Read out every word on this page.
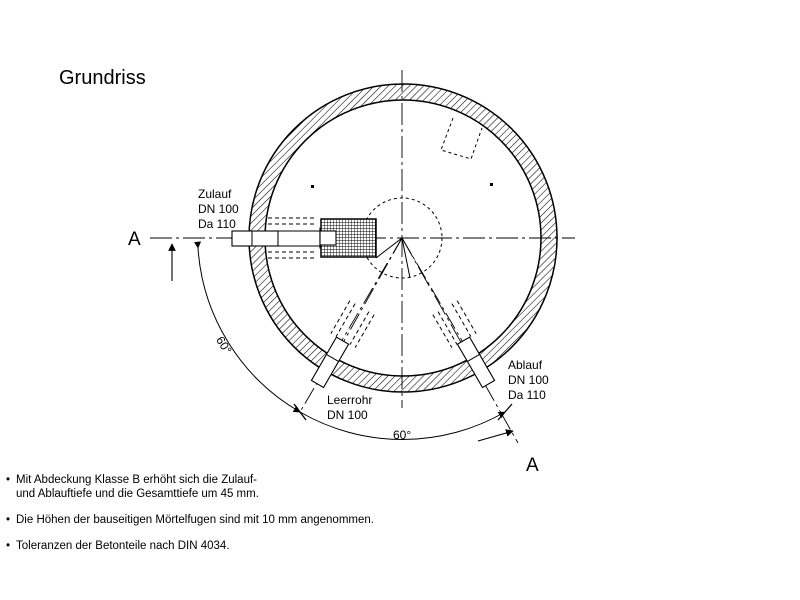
Grundriss
A
A
60°
60°
Zulauf
DN 100
Da 110
Leerrohr
DN 100
Ablauf
DN 100
Da 110
• Mit Abdeckung Klasse B erhöht sich die Zulauf-
und Ablauftiefe und die Gesamttiefe um 45 mm.
• Die Höhen der bauseitigen Mörtelfugen sind mit 10 mm angenommen.
• Toleranzen der Betonteile nach DIN 4034.
